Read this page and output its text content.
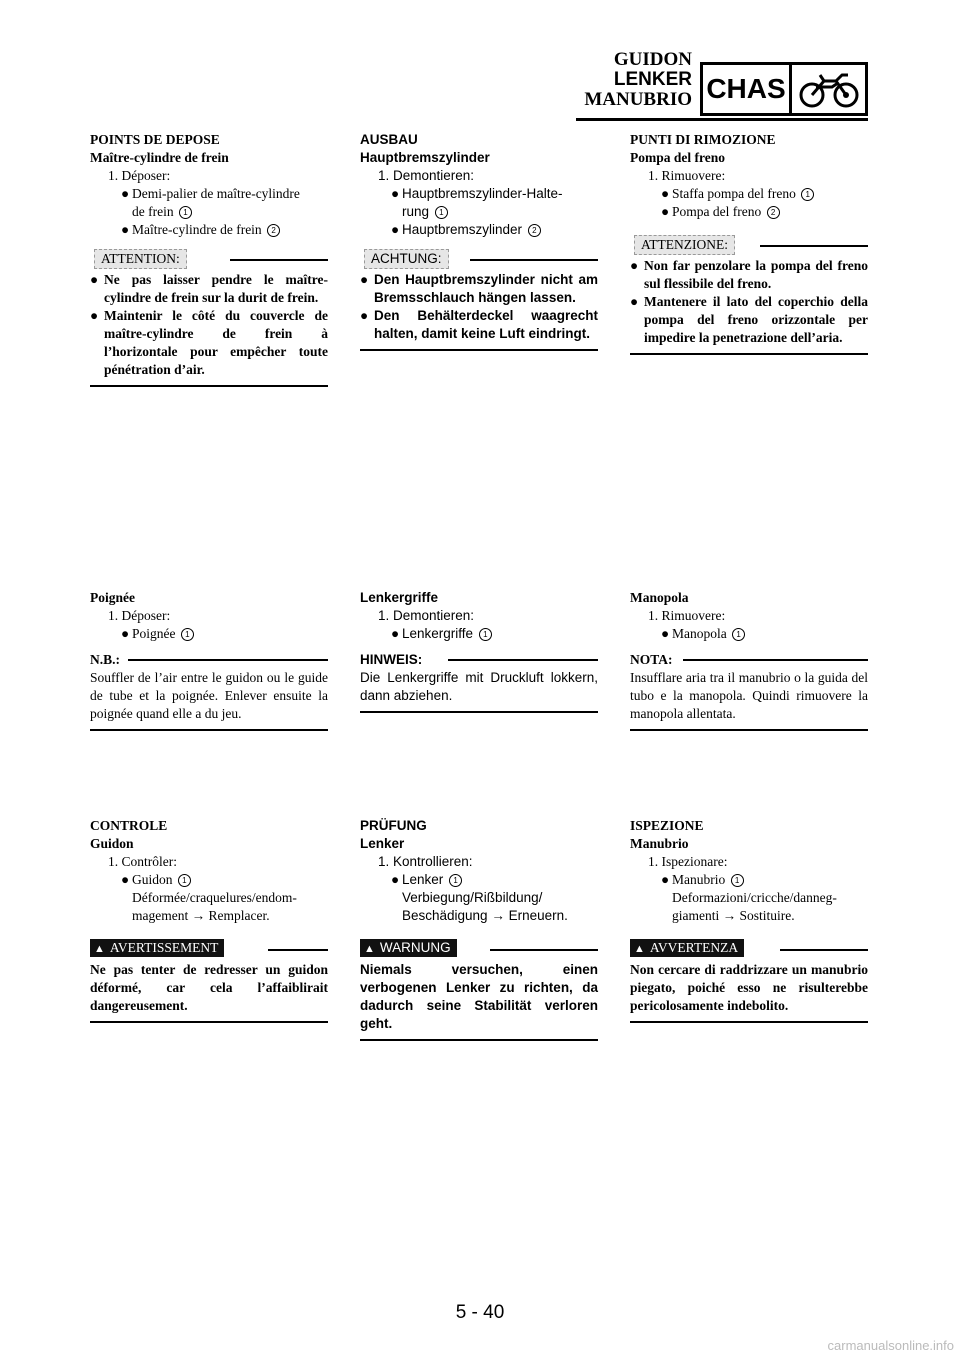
GUIDON
LENKER
MANUBRIO CHAS
POINTS DE DEPOSE
Maître-cylindre de frein
1. Déposer:
● Demi-palier de maître-cylindre
de frein 1
● Maître-cylindre de frein 2
ATTENTION:
● Ne pas laisser pendre le maître-cylindre de frein sur la durit de frein.
● Maintenir le côté du couvercle de maître-cylindre de frein à l’horizontale pour empêcher toute pénétration d’air.
Poignée
1. Déposer:
● Poignée 1
N.B.:
Souffler de l’air entre le guidon ou le guide de tube et la poignée. Enlever ensuite la poignée quand elle a du jeu.
CONTROLE
Guidon
1. Contrôler:
● Guidon 1
Déformée/craquelures/endom-
magement → Remplacer.
▲ AVERTISSEMENT
Ne pas tenter de redresser un guidon déformé, car cela l’affaiblirait dangereusement.
AUSBAU
Hauptbremszylinder
1. Demontieren:
● Hauptbremszylinder-Halte-
rung 1
● Hauptbremszylinder 2
ACHTUNG:
● Den Hauptbremszylinder nicht am Bremsschlauch hängen lassen.
● Den Behälterdeckel waagrecht halten, damit keine Luft eindringt.
Lenkergriffe
1. Demontieren:
● Lenkergriffe 1
HINWEIS:
Die Lenkergriffe mit Druckluft lokkern, dann abziehen.
PRÜFUNG
Lenker
1. Kontrollieren:
● Lenker 1
Verbiegung/Rißbildung/
Beschädigung → Erneuern.
▲ WARNUNG
Niemals versuchen, einen verbogenen Lenker zu richten, da dadurch seine Stabilität verloren geht.
PUNTI DI RIMOZIONE
Pompa del freno
1. Rimuovere:
● Staffa pompa del freno 1
● Pompa del freno 2
ATTENZIONE:
● Non far penzolare la pompa del freno sul flessibile del freno.
● Mantenere il lato del coperchio della pompa del freno orizzontale per impedire la penetrazione dell’aria.
Manopola
1. Rimuovere:
● Manopola 1
NOTA:
Insufflare aria tra il manubrio o la guida del tubo e la manopola. Quindi rimuovere la manopola allentata.
ISPEZIONE
Manubrio
1. Ispezionare:
● Manubrio 1
Deformazioni/cricche/danneg-
giamenti → Sostituire.
▲ AVVERTENZA
Non cercare di raddrizzare un manubrio piegato, poiché esso ne risulterebbe pericolosamente indebolito.
5 - 40
carmanualsonline.info
